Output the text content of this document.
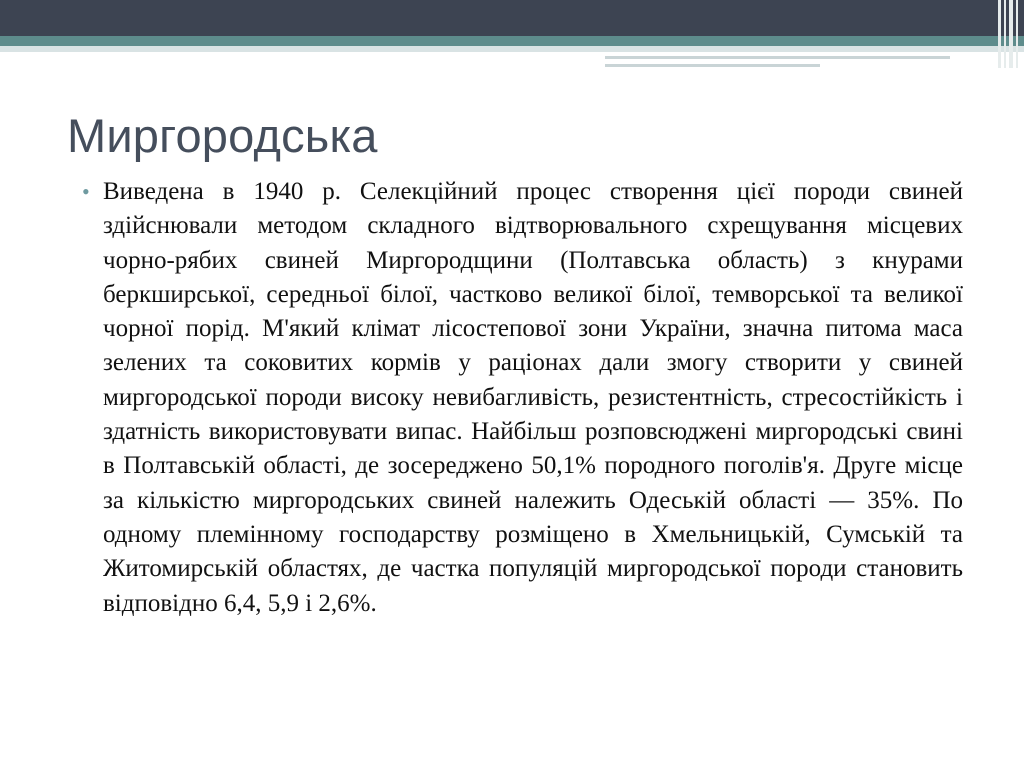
Миргородська
• Виведена в 1940 р. Селекційний процес створення цієї породи свиней здійснювали методом складного відтворювального схрещування місцевих чорно-рябих свиней Миргородщини (Полтавська область) з кнурами беркширської, середньої білої, частково великої білої, темворської та великої чорної порід. М'який клімат лісостепової зони України, значна питома маса зелених та соковитих кормів у раціонах дали змогу створити у свиней миргородської породи високу невибагливість, резистентність, стресостійкість і здатність використовувати випас. Найбільш розповсюджені миргородські свині в Полтавській області, де зосереджено 50,1% породного поголів'я. Друге місце за кількістю миргородських свиней належить Одеській області — 35%. По одному племінному господарству розміщено в Хмельницькій, Сумській та Житомирській областях, де частка популяцій миргородської породи становить відповідно 6,4, 5,9 і 2,6%.
